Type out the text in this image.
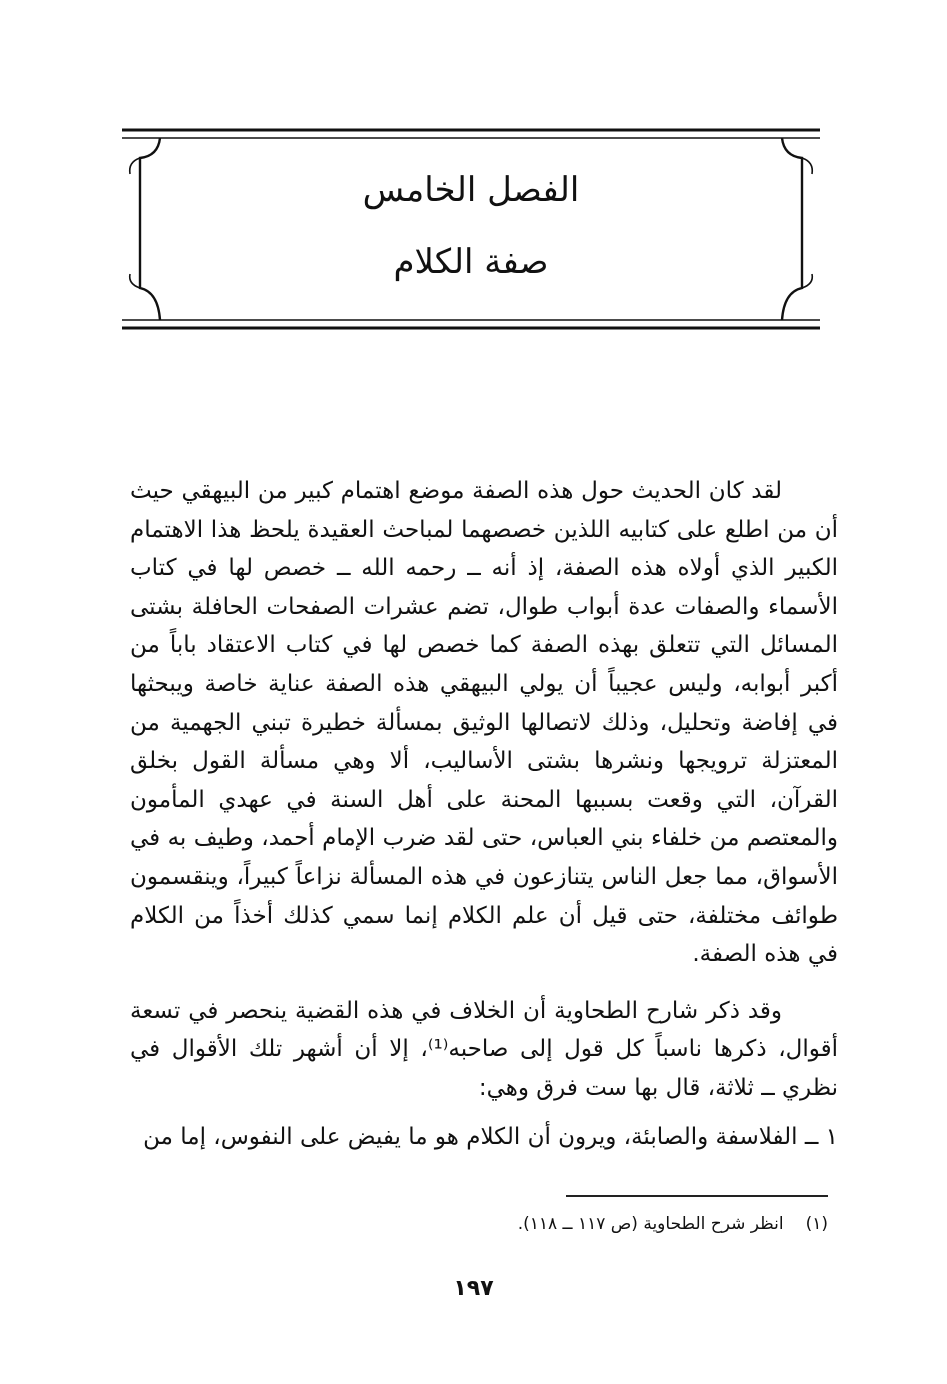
الفصل الخامس
صفة الكلام

لقد كان الحديث حول هذه الصفة موضع اهتمام كبير من البيهقي حيث أن من اطلع على كتابيه اللذين خصصهما لمباحث العقيدة يلحظ هذا الاهتمام الكبير الذي أولاه هذه الصفة، إذ أنه ــ رحمه الله ــ خصص لها في كتاب الأسماء والصفات عدة أبواب طوال، تضم عشرات الصفحات الحافلة بشتى المسائل التي تتعلق بهذه الصفة كما خصص لها في كتاب الاعتقاد باباً من أكبر أبوابه، وليس عجيباً أن يولي البيهقي هذه الصفة عناية خاصة ويبحثها في إفاضة وتحليل، وذلك لاتصالها الوثيق بمسألة خطيرة تبني الجهمية من المعتزلة ترويجها ونشرها بشتى الأساليب، ألا وهي مسألة القول بخلق القرآن، التي وقعت بسببها المحنة على أهل السنة في عهدي المأمون والمعتصم من خلفاء بني العباس، حتى لقد ضرب الإمام أحمد، وطيف به في الأسواق، مما جعل الناس يتنازعون في هذه المسألة نزاعاً كبيراً، وينقسمون طوائف مختلفة، حتى قيل أن علم الكلام إنما سمي كذلك أخذاً من الكلام في هذه الصفة.

وقد ذكر شارح الطحاوية أن الخلاف في هذه القضية ينحصر في تسعة أقوال، ذكرها ناسباً كل قول إلى صاحبه⁽¹⁾، إلا أن أشهر تلك الأقوال في نظري ــ ثلاثة، قال بها ست فرق وهي:

١ ــ الفلاسفة والصابئة، ويرون أن الكلام هو ما يفيض على النفوس، إما من

(١)انظر شرح الطحاوية (ص ١١٧ ــ ١١٨).
١٩٧
